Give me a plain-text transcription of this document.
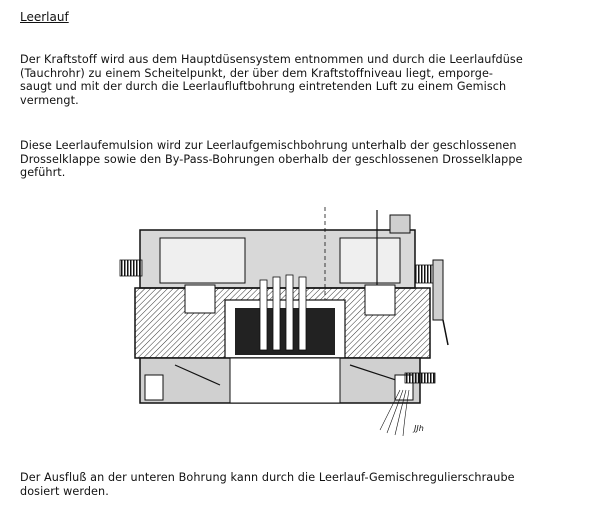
Leerlauf
Der Kraftstoff wird aus dem Hauptdüsensystem entnommen und durch die Leerlaufdüse
(Tauchrohr) zu einem Scheitelpunkt, der über dem Kraftstoffniveau liegt, emporge-
saugt und mit der durch die Leerlaufluftbohrung eintretenden Luft zu einem Gemisch
vermengt.
Diese Leerlaufemulsion wird zur Leerlaufgemischbohrung unterhalb der geschlossenen
Drosselklappe sowie den By-Pass-Bohrungen oberhalb der geschlossenen Drosselklappe
geführt.
JJh
Der Ausfluß an der unteren Bohrung kann durch die Leerlauf-Gemischregulierschraube
dosiert werden.
